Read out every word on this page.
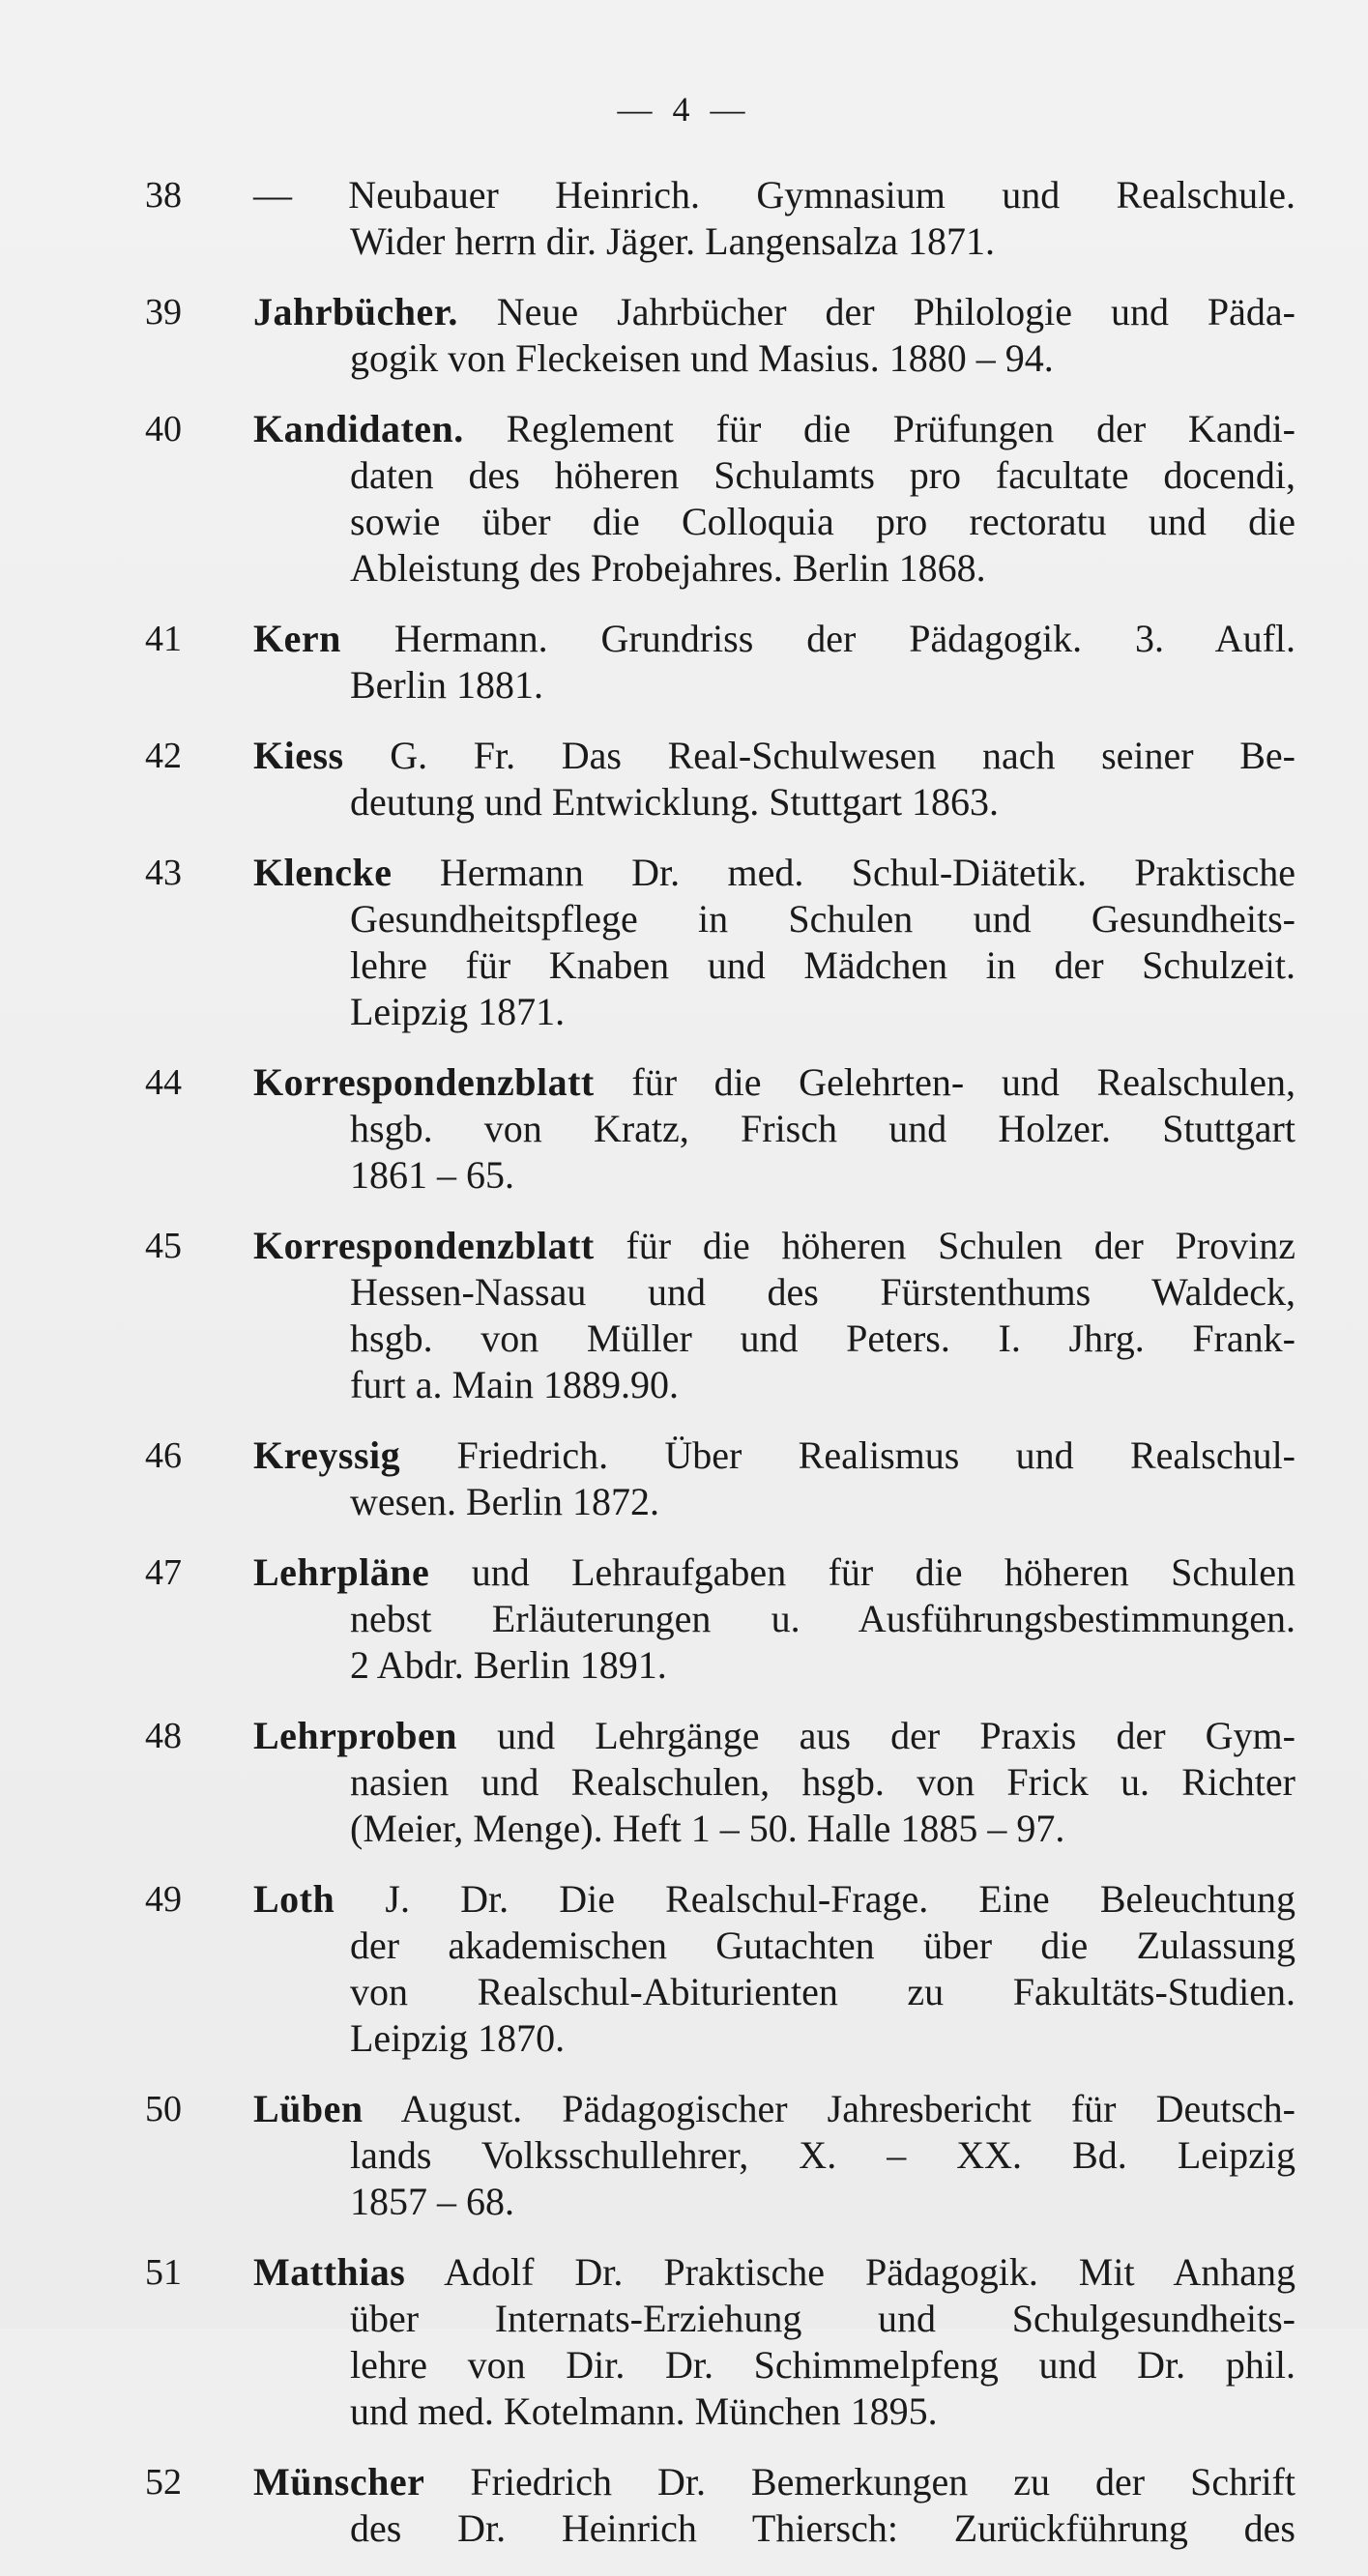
— 4 —
38	— Neubauer Heinrich. Gymnasium und Realschule.
Wider herrn dir. Jäger. Langensalza 1871.
39	Jahrbücher. Neue Jahrbücher der Philologie und Päda-
gogik von Fleckeisen und Masius. 1880 – 94.
40	Kandidaten. Reglement für die Prüfungen der Kandi-
daten des höheren Schulamts pro facultate docendi,
sowie über die Colloquia pro rectoratu und die
Ableistung des Probejahres. Berlin 1868.
41	Kern Hermann. Grundriss der Pädagogik. 3. Aufl.
Berlin 1881.
42	Kiess G. Fr. Das Real-Schulwesen nach seiner Be-
deutung und Entwicklung. Stuttgart 1863.
43	Klencke Hermann Dr. med. Schul-Diätetik. Praktische
Gesundheitspflege in Schulen und Gesundheits-
lehre für Knaben und Mädchen in der Schulzeit.
Leipzig 1871.
44	Korrespondenzblatt für die Gelehrten- und Realschulen,
hsgb. von Kratz, Frisch und Holzer. Stuttgart
1861 – 65.
45	Korrespondenzblatt für die höheren Schulen der Provinz
Hessen-Nassau und des Fürstenthums Waldeck,
hsgb. von Müller und Peters. I. Jhrg. Frank-
furt a. Main 1889.90.
46	Kreyssig Friedrich. Über Realismus und Realschul-
wesen. Berlin 1872.
47	Lehrpläne und Lehraufgaben für die höheren Schulen
nebst Erläuterungen u. Ausführungsbestimmungen.
2 Abdr. Berlin 1891.
48	Lehrproben und Lehrgänge aus der Praxis der Gym-
nasien und Realschulen, hsgb. von Frick u. Richter
(Meier, Menge). Heft 1 – 50. Halle 1885 – 97.
49	Loth J. Dr. Die Realschul-Frage. Eine Beleuchtung
der akademischen Gutachten über die Zulassung
von Realschul-Abiturienten zu Fakultäts-Studien.
Leipzig 1870.
50	Lüben August. Pädagogischer Jahresbericht für Deutsch-
lands Volksschullehrer, X. – XX. Bd. Leipzig
1857 – 68.
51	Matthias Adolf Dr. Praktische Pädagogik. Mit Anhang
über Internats-Erziehung und Schulgesundheits-
lehre von Dir. Dr. Schimmelpfeng und Dr. phil.
und med. Kotelmann. München 1895.
52	Münscher Friedrich Dr. Bemerkungen zu der Schrift
des Dr. Heinrich Thiersch: Zurückführung des
